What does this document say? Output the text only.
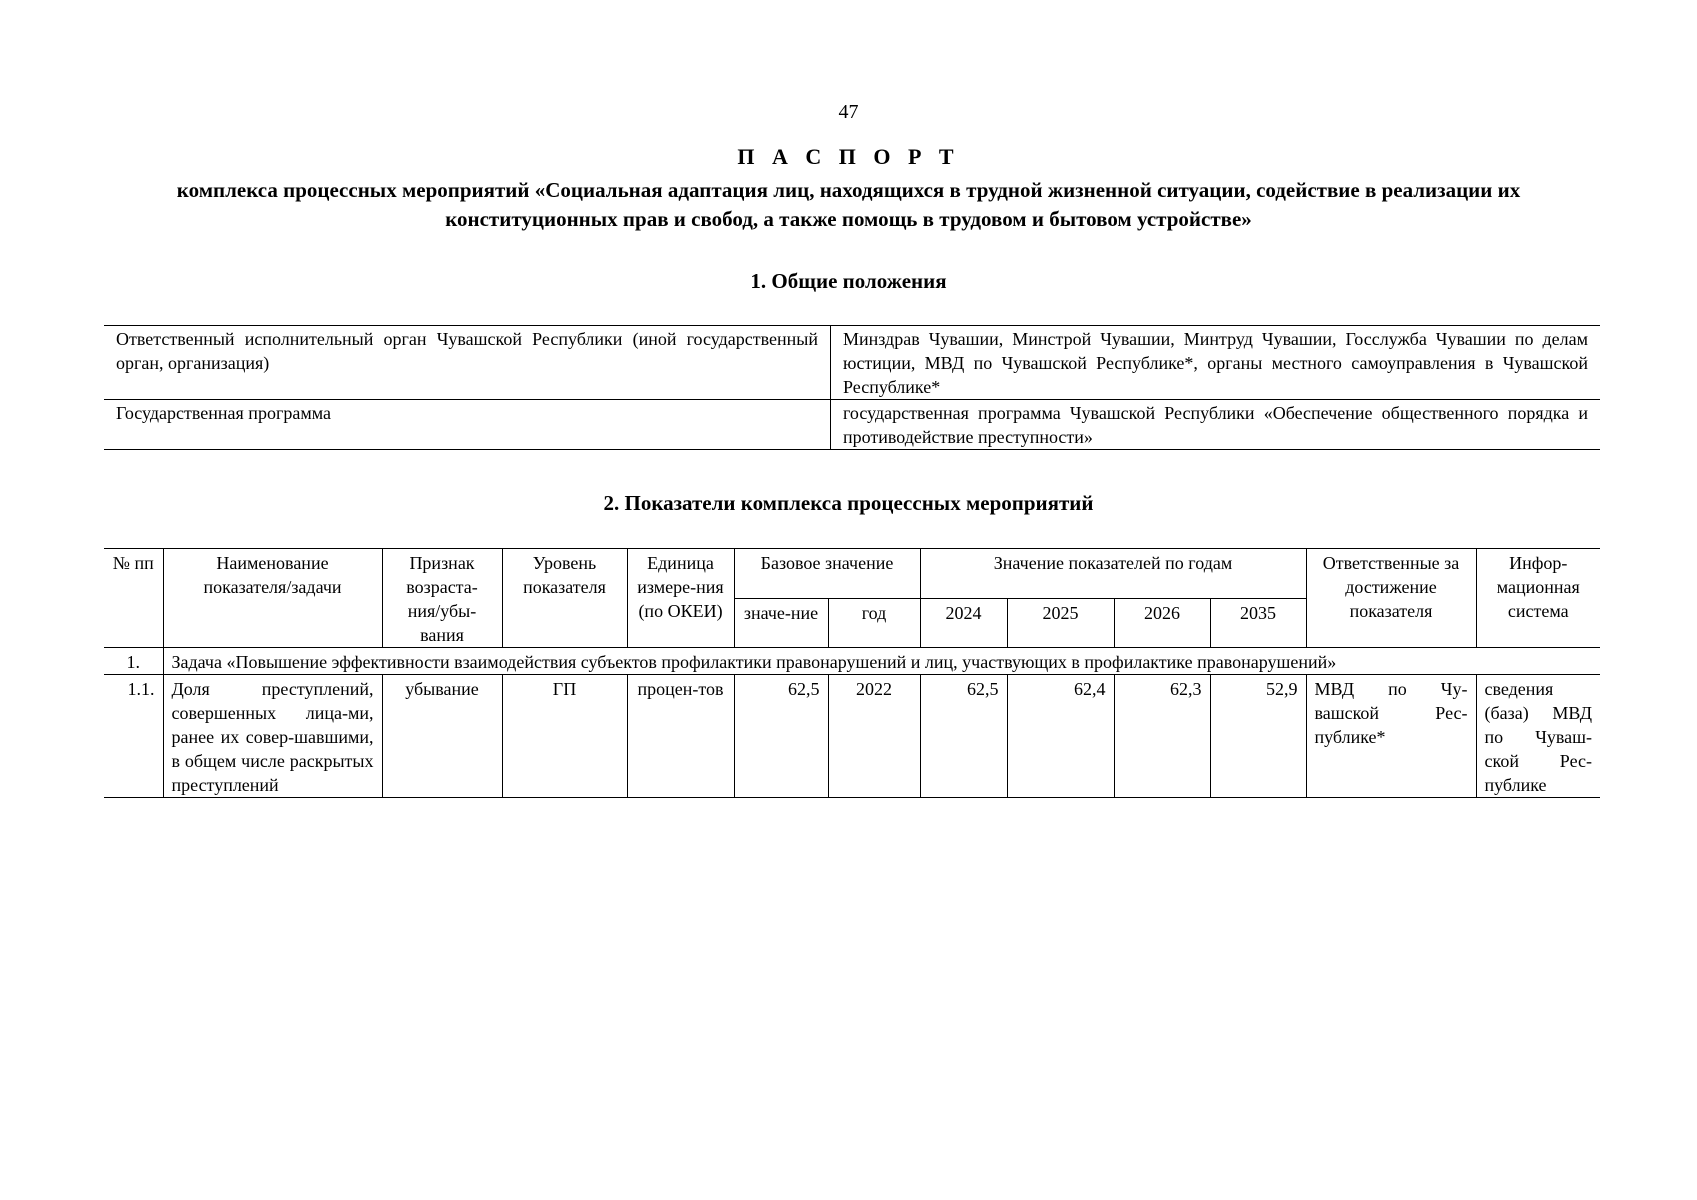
47
П А С П О Р Т
комплекса процессных мероприятий «Социальная адаптация лиц, находящихся в трудной жизненной ситуации, содействие в реализации их конституционных прав и свобод, а также помощь в трудовом и бытовом устройстве»
1. Общие положения
Ответственный исполнительный орган Чувашской Республики (иной государственный орган, организация)	Минздрав Чувашии, Минстрой Чувашии, Минтруд Чувашии, Госслужба Чувашии по делам юстиции, МВД по Чувашской Республике*, органы местного самоуправления в Чувашской Республике*
Государственная программа	государственная программа Чувашской Республики «Обеспечение общественного порядка и противодействие преступности»
2. Показатели комплекса процессных мероприятий
№ пп	Наименование показателя/задачи	Признак возраста-ния/убы-вания	Уровень показателя	Единица измере-ния (по ОКЕИ)	Базовое значение		Значение показателей по годам				Ответственные за достижение показателя	Инфор-мационная система
					значе-ние	год	2024	2025	2026	2035		
1.	Задача «Повышение эффективности взаимодействия субъектов профилактики правонарушений и лиц, участвующих в профилактике правонарушений»											
1.1.	Доля преступлений, совершенных лица-ми, ранее их совер-шавшими, в общем числе раскрытых преступлений	убывание	ГП	процен-тов	62,5	2022	62,5	62,4	62,3	52,9	МВД по Чу-вашской Рес-публике*	сведения (база) МВД по Чуваш-ской Рес-публике
